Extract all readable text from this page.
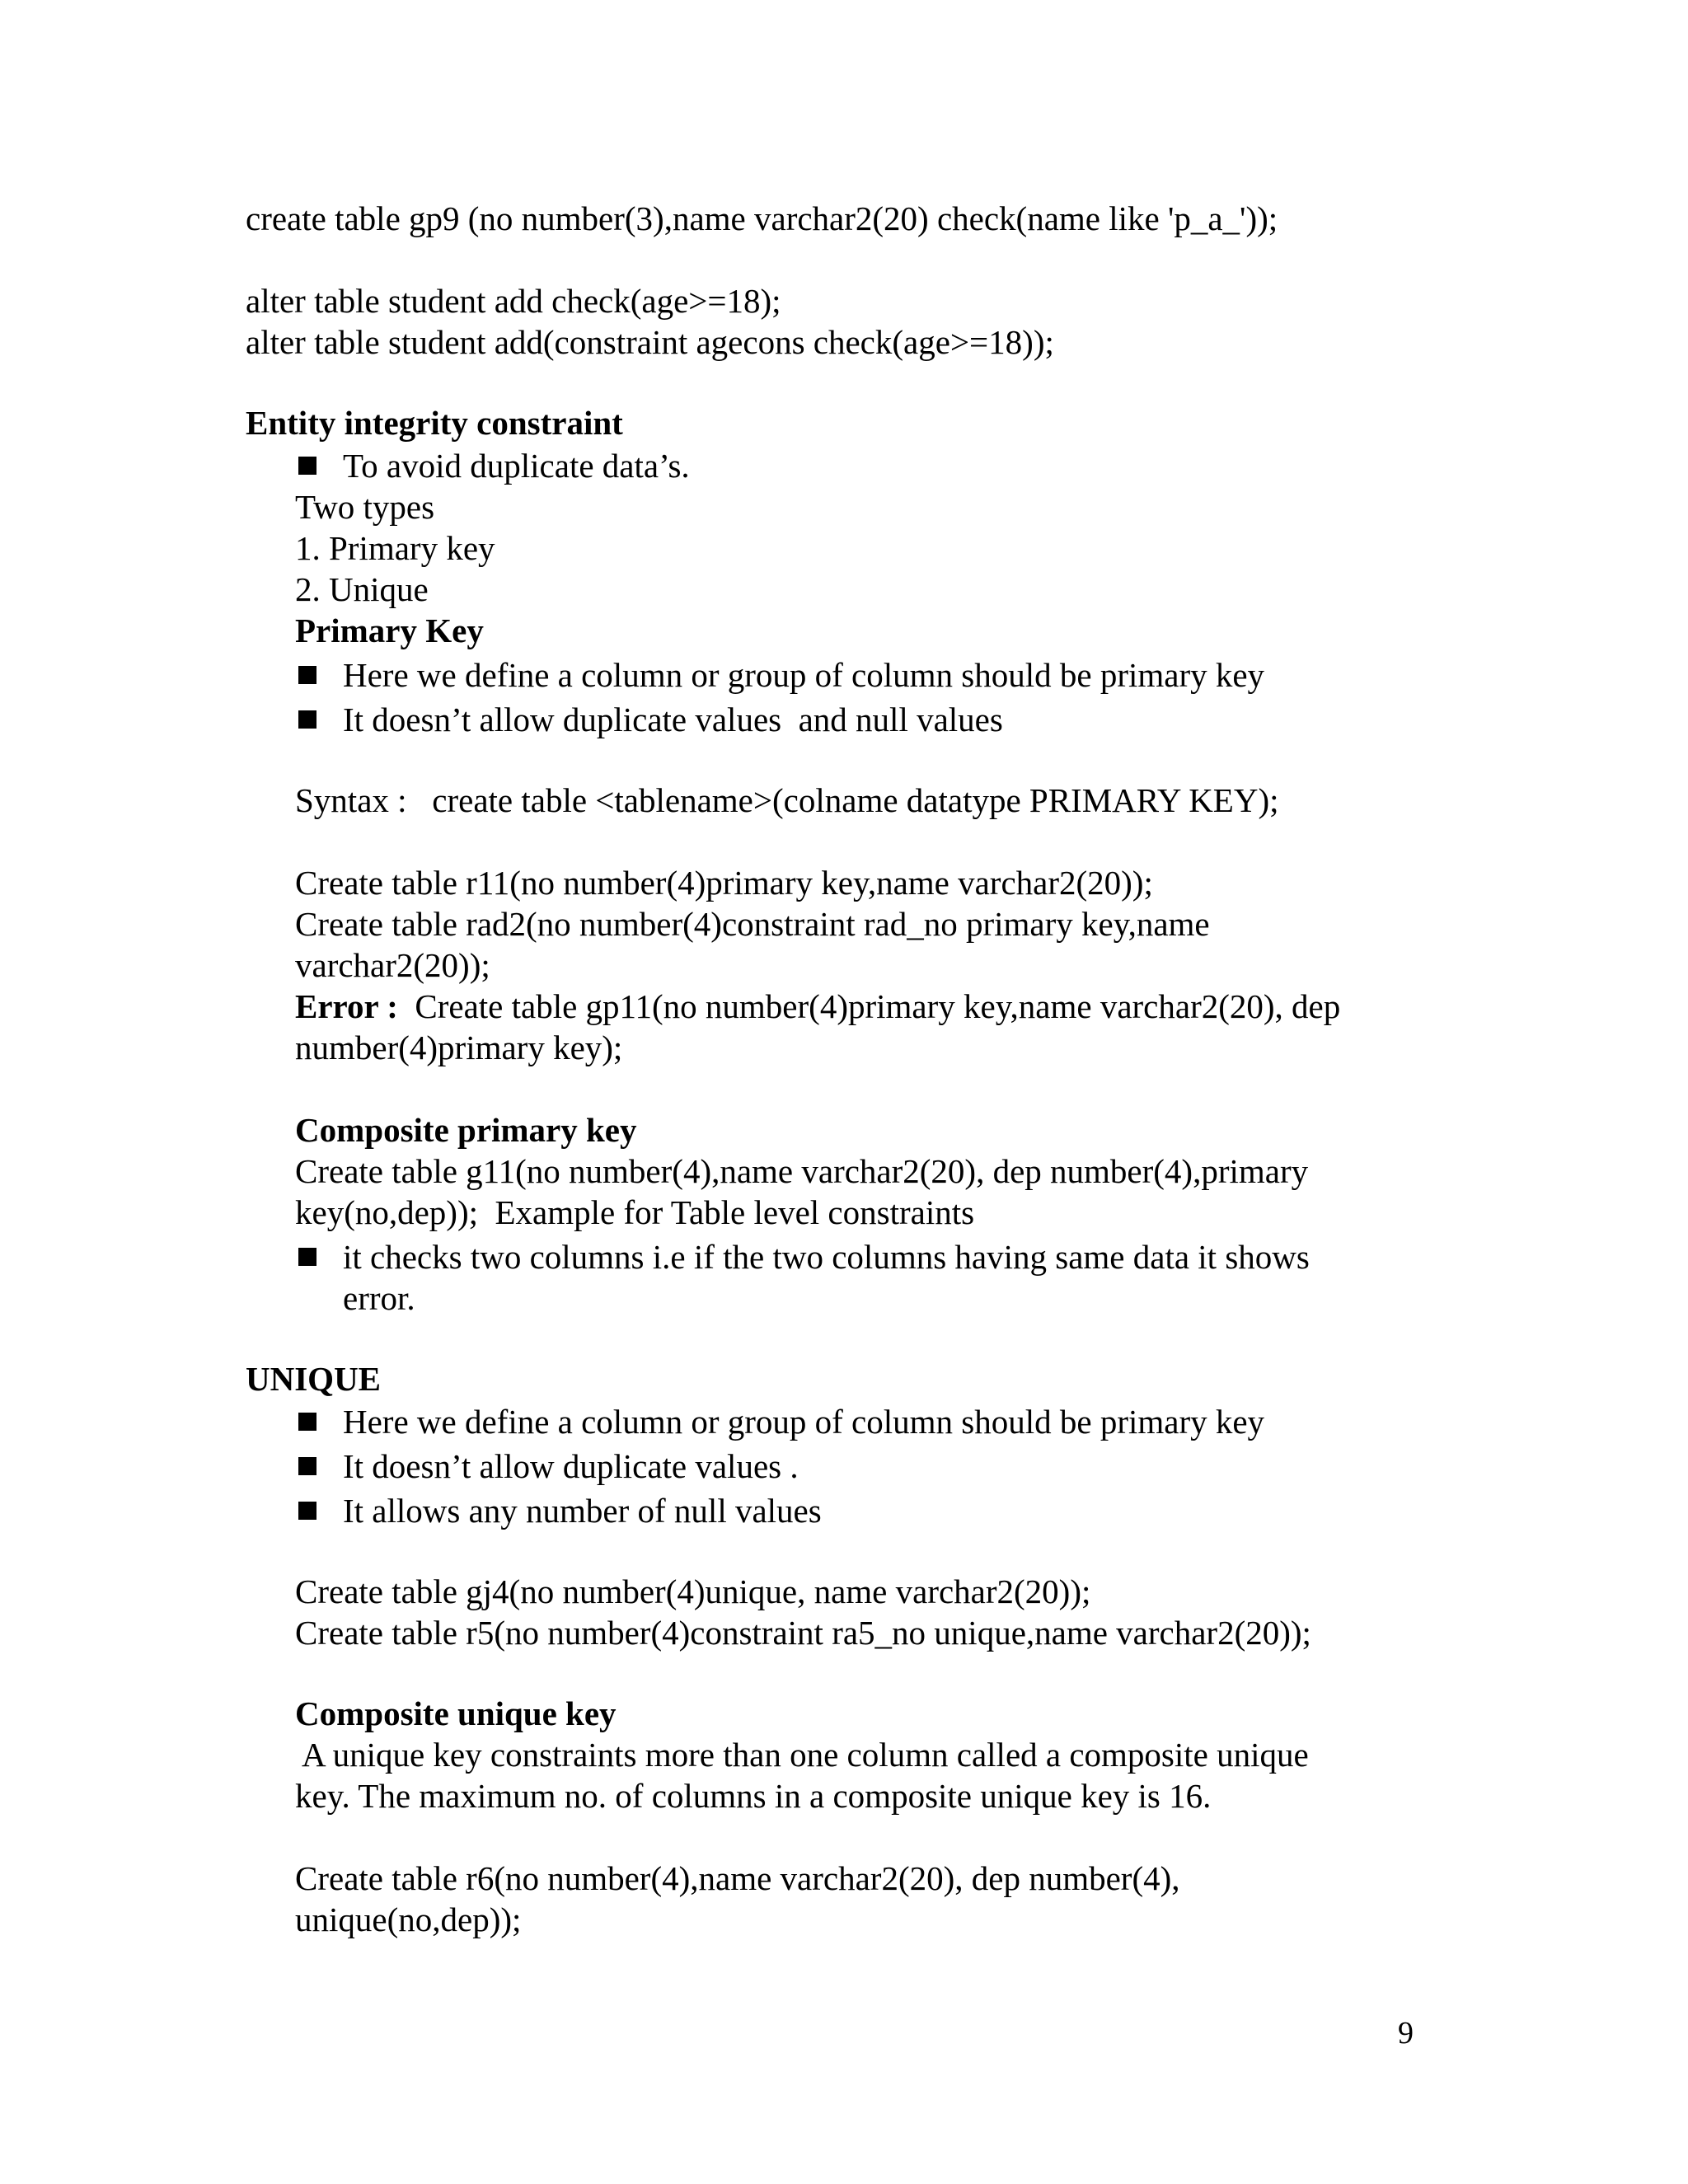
create table gp9 (no number(3),name varchar2(20) check(name like 'p_a_'));
alter table student add check(age>=18);
alter table student add(constraint agecons check(age>=18));
Entity integrity constraint
To avoid duplicate data’s.
Two types
1. Primary key
2. Unique
Primary Key
Here we define a column or group of column should be primary key
It doesn’t allow duplicate values  and null values
Syntax :   create table <tablename>(colname datatype PRIMARY KEY);
Create table r11(no number(4)primary key,name varchar2(20));
Create table rad2(no number(4)constraint rad_no primary key,name
varchar2(20));
Error :  Create table gp11(no number(4)primary key,name varchar2(20), dep
number(4)primary key);
Composite primary key
Create table g11(no number(4),name varchar2(20), dep number(4),primary
key(no,dep));  Example for Table level constraints
it checks two columns i.e if the two columns having same data it shows
error.
UNIQUE
Here we define a column or group of column should be primary key
It doesn’t allow duplicate values .
It allows any number of null values
Create table gj4(no number(4)unique, name varchar2(20));
Create table r5(no number(4)constraint ra5_no unique,name varchar2(20));
Composite unique key
A unique key constraints more than one column called a composite unique
key. The maximum no. of columns in a composite unique key is 16.
Create table r6(no number(4),name varchar2(20), dep number(4),
unique(no,dep));
9
